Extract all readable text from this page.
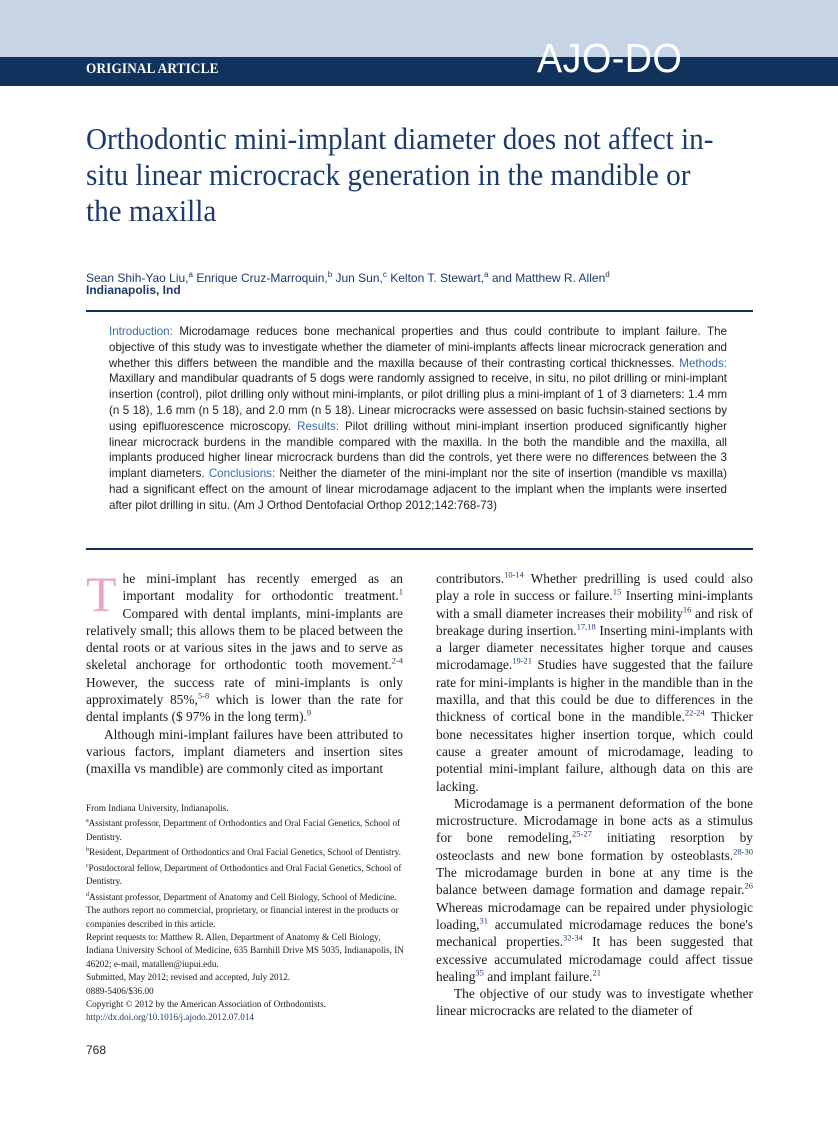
ORIGINAL ARTICLE	AJO-DO
Orthodontic mini-implant diameter does not affect in-situ linear microcrack generation in the mandible or the maxilla
Sean Shih-Yao Liu,$^a$ Enrique Cruz-Marroquin,$^b$ Jun Sun,$^c$ Kelton T. Stewart,$^a$ and Matthew R. Allen$^d$
Indianapolis, Ind
Introduction: Microdamage reduces bone mechanical properties and thus could contribute to implant failure. The objective of this study was to investigate whether the diameter of mini-implants affects linear microcrack generation and whether this differs between the mandible and the maxilla because of their contrasting cortical thicknesses. Methods: Maxillary and mandibular quadrants of 5 dogs were randomly assigned to receive, in situ, no pilot drilling or mini-implant insertion (control), pilot drilling only without mini-implants, or pilot drilling plus a mini-implant of 1 of 3 diameters: 1.4 mm (n 5 18), 1.6 mm (n 5 18), and 2.0 mm (n 5 18). Linear microcracks were assessed on basic fuchsin-stained sections by using epifluorescence microscopy. Results: Pilot drilling without mini-implant insertion produced significantly higher linear microcrack burdens in the mandible compared with the maxilla. In the both the mandible and the maxilla, all implants produced higher linear microcrack burdens than did the controls, yet there were no differences between the 3 implant diameters. Conclusions: Neither the diameter of the mini-implant nor the site of insertion (mandible vs maxilla) had a significant effect on the amount of linear microdamage adjacent to the implant when the implants were inserted after pilot drilling in situ. (Am J Orthod Dentofacial Orthop 2012;142:768-73)

The mini-implant has recently emerged as an important modality for orthodontic treatment.$^1$ Compared with dental implants, mini-implants are relatively small; this allows them to be placed between the dental roots or at various sites in the jaws and to serve as skeletal anchorage for orthodontic tooth movement.$^{2-4}$ However, the success rate of mini-implants is only approximately 85%,$^{5-8}$ which is lower than the rate for dental implants ($ 97% in the long term).$^9$

Although mini-implant failures have been attributed to various factors, implant diameters and insertion sites (maxilla vs mandible) are commonly cited as important

contributors.$^{10-14}$ Whether predrilling is used could also play a role in success or failure.$^{15}$ Inserting mini-implants with a small diameter increases their mobility$^{16}$ and risk of breakage during insertion.$^{17,18}$ Inserting mini-implants with a larger diameter necessitates higher torque and causes microdamage.$^{19-21}$ Studies have suggested that the failure rate for mini-implants is higher in the mandible than in the maxilla, and that this could be due to differences in the thickness of cortical bone in the mandible.$^{22-24}$ Thicker bone necessitates higher insertion torque, which could cause a greater amount of microdamage, leading to potential mini-implant failure, although data on this are lacking.

Microdamage is a permanent deformation of the bone microstructure. Microdamage in bone acts as a stimulus for bone remodeling,$^{25-27}$ initiating resorption by osteoclasts and new bone formation by osteoblasts.$^{28-30}$ The microdamage burden in bone at any time is the balance between damage formation and damage repair.$^{26}$ Whereas microdamage can be repaired under physiologic loading,$^{31}$ accumulated microdamage reduces the bone's mechanical properties.$^{32-34}$ It has been suggested that excessive accumulated microdamage could affect tissue healing$^{35}$ and implant failure.$^{21}$

The objective of our study was to investigate whether linear microcracks are related to the diameter of

From Indiana University, Indianapolis.
$^a$Assistant professor, Department of Orthodontics and Oral Facial Genetics, School of Dentistry.
$^b$Resident, Department of Orthodontics and Oral Facial Genetics, School of Dentistry.
$^c$Postdoctoral fellow, Department of Orthodontics and Oral Facial Genetics, School of Dentistry.
$^d$Assistant professor, Department of Anatomy and Cell Biology, School of Medicine.
The authors report no commercial, proprietary, or financial interest in the products or companies described in this article.
Reprint requests to: Matthew R. Allen, Department of Anatomy & Cell Biology, Indiana University School of Medicine, 635 Barnhill Drive MS 5035, Indianapolis, IN 46202; e-mail, matallen@iupui.edu.
Submitted, May 2012; revised and accepted, July 2012.
0889-5406/$36.00
Copyright © 2012 by the American Association of Orthodontists.
http://dx.doi.org/10.1016/j.ajodo.2012.07.014
768
